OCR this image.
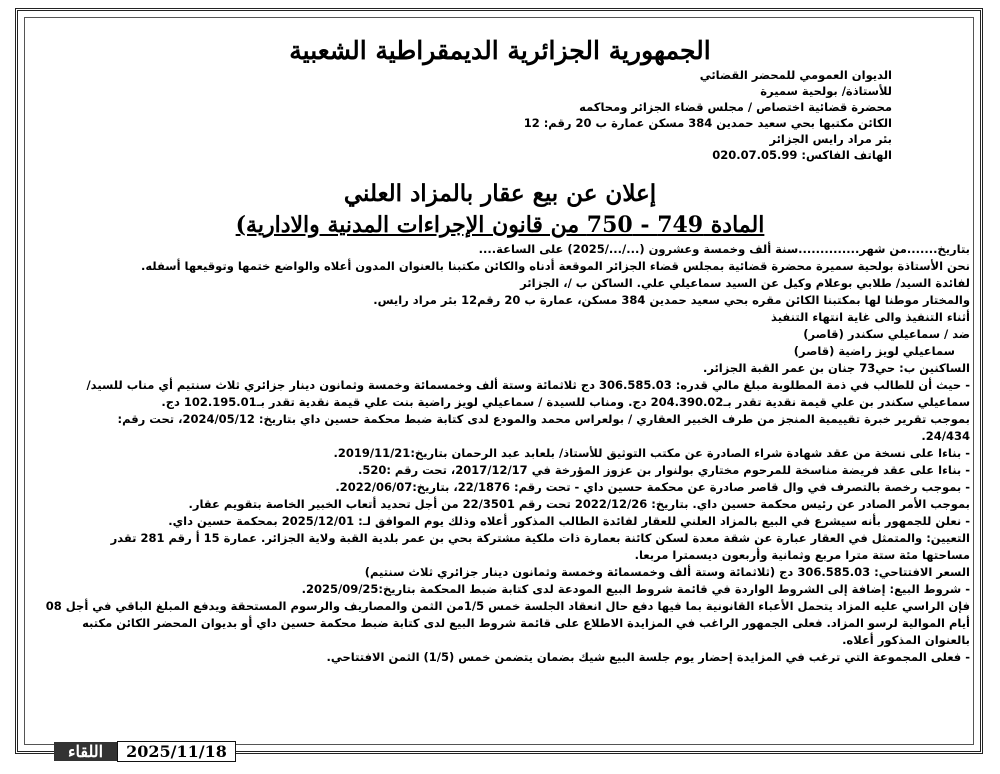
الجمهورية الجزائرية الديمقراطية الشعبية
الديوان العمومي للمحضر القضائي
للأستاذة/ بولحية سميرة
محضرة قضائية اختصاص / مجلس قضاء الجزائر ومحاكمه
الكائن مكتبها بحي سعيد حمدين 384 مسكن عمارة ب 20 رقم: 12
بئر مراد رايس الجزائر
الهاتف الفاكس: 020.07.05.99
إعلان عن بيع عقار بالمزاد العلني
المادة 749 - 750 من قانون الإجراءات المدنية والادارية)
بتاريخ.......من شهر..............سنة ألف وخمسة وعشرون (.../.../2025) على الساعة....
نحن الأستاذة بولحية سميرة محضرة قضائية بمجلس قضاء الجزائر الموقعة أدناه والكائن مكتبنا بالعنوان المدون أعلاه والواضع ختمها وتوقيعها أسفله.
لفائدة السيد/ طلابي بوعلام وكيل عن السيد سماعيلي علي. الساكن ب /، الجزائر
والمختار موطنا لها بمكتبنا الكائن مقره بحي سعيد حمدين 384 مسكن، عمارة ب 20 رقم12 بئر مراد رايس.
أثناء التنفيذ والى غاية انتهاء التنفيذ
ضد / سماعيلي سكندر (قاصر)
سماعيلي لويز راضية (قاصر)
الساكنين ب: حي73 جنان بن عمر القبة الجزائر.
- حيث أن للطالب في ذمة المطلوبة مبلغ مالي قدره: 306.585.03 دج ثلاثمائة وستة ألف وخمسمائة وخمسة وثمانون دينار جزائري ثلاث سنتيم أي مناب للسيد/
سماعيلي سكندر بن علي قيمة نقدية تقدر بـ204.390.02 دج. ومناب للسيدة / سماعيلي لويز راضية بنت علي قيمة نقدية تقدر بـ102.195.01 دج.
بموجب تقرير خبرة تقييمية المنجز من طرف الخبير العقاري / بولعراس محمد والمودع لدى كتابة ضبط محكمة حسين داي بتاريخ: 2024/05/12، تحت رقم:
24/434.
- بناءا على نسخة من عقد شهادة شراء الصادرة عن مكتب التوثيق للأستاذ/ بلعابد عبد الرحمان بتاريخ:2019/11/21.
- بناءا على عقد فريضة مناسخة للمرحوم مختاري بولنوار بن عزوز المؤرخة في 2017/12/17، تحت رقم :520.
- بموجب رخصة بالتصرف في وال قاصر صادرة عن محكمة حسين داي - تحت رقم: 22/1876، بتاريخ:2022/06/07.
بموجب الأمر الصادر عن رئيس محكمة حسين داي. بتاريخ: 2022/12/26 تحت رقم 22/3501 من أجل تحديد أتعاب الخبير الخاصة بتقويم عقار.
- نعلن للجمهور بأنه سيشرع في البيع بالمزاد العلني للعقار لفائدة الطالب المذكور أعلاه وذلك يوم الموافق لـ: 2025/12/01 بمحكمة حسين داي.
التعيين: والمتمثل في العقار عبارة عن شقة معدة لسكن كائنة بعمارة ذات ملكية مشتركة بحي بن عمر بلدية القبة ولاية الجزائر. عمارة 15 أ رقم 281 تقدر
مساحتها مئة ستة مترا مربع وثمانية وأربعون ديسمترا مربعا.
السعر الافتتاحي: 306.585.03 دج (ثلاثمائة وستة ألف وخمسمائة وخمسة وثمانون دينار جزائري ثلاث سنتيم)
- شروط البيع: إضافة إلى الشروط الواردة في قائمة شروط البيع المودعة لدى كتابة ضبط المحكمة بتاريخ:2025/09/25.
فإن الراسي عليه المزاد يتحمل الأعباء القانونية بما فيها دفع حال انعقاد الجلسة خمس 1/5من الثمن والمصاريف والرسوم المستحقة ويدفع المبلغ الباقي في أجل 08
أيام الموالية لرسو المزاد. فعلى الجمهور الراغب في المزايدة الاطلاع على قائمة شروط البيع لدى كتابة ضبط محكمة حسين داي أو بديوان المحضر الكائن مكتبه
بالعنوان المذكور أعلاه.
- فعلى المجموعة التي ترغب في المزايدة إحضار يوم جلسة البيع شيك بضمان يتضمن خمس (1/5) الثمن الافتتاحي.
اللقاء	2025/11/18
